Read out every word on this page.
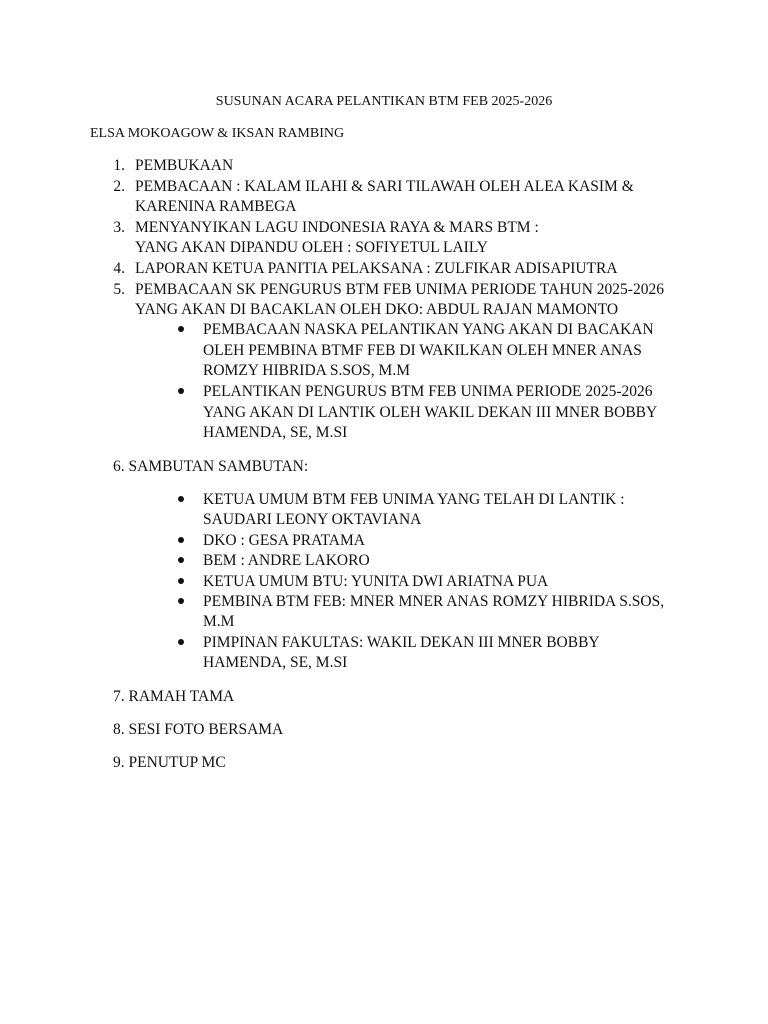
SUSUNAN ACARA PELANTIKAN BTM FEB 2025-2026
ELSA MOKOAGOW & IKSAN RAMBING
1. PEMBUKAAN
2. PEMBACAAN : KALAM ILAHI & SARI TILAWAH OLEH ALEA KASIM &
KARENINA RAMBEGA
3. MENYANYIKAN LAGU INDONESIA RAYA & MARS BTM :
YANG AKAN DIPANDU OLEH : SOFIYETUL LAILY
4. LAPORAN KETUA PANITIA PELAKSANA : ZULFIKAR ADISAPIUTRA
5. PEMBACAAN SK PENGURUS BTM FEB UNIMA PERIODE TAHUN 2025-2026
YANG AKAN DI BACAKLAN OLEH DKO: ABDUL RAJAN MAMONTO
PEMBACAAN NASKA PELANTIKAN YANG AKAN DI BACAKAN
OLEH PEMBINA BTMF FEB DI WAKILKAN OLEH MNER ANAS
ROMZY HIBRIDA S.SOS, M.M
PELANTIKAN PENGURUS BTM FEB UNIMA PERIODE 2025-2026
YANG AKAN DI LANTIK OLEH WAKIL DEKAN III MNER BOBBY
HAMENDA, SE, M.SI
6. SAMBUTAN SAMBUTAN:
KETUA UMUM BTM FEB UNIMA YANG TELAH DI LANTIK :
SAUDARI LEONY OKTAVIANA
DKO : GESA PRATAMA
BEM : ANDRE LAKORO
KETUA UMUM BTU: YUNITA DWI ARIATNA PUA
PEMBINA BTM FEB: MNER MNER ANAS ROMZY HIBRIDA S.SOS,
M.M
PIMPINAN FAKULTAS: WAKIL DEKAN III MNER BOBBY
HAMENDA, SE, M.SI
7. RAMAH TAMA
8. SESI FOTO BERSAMA
9. PENUTUP MC
